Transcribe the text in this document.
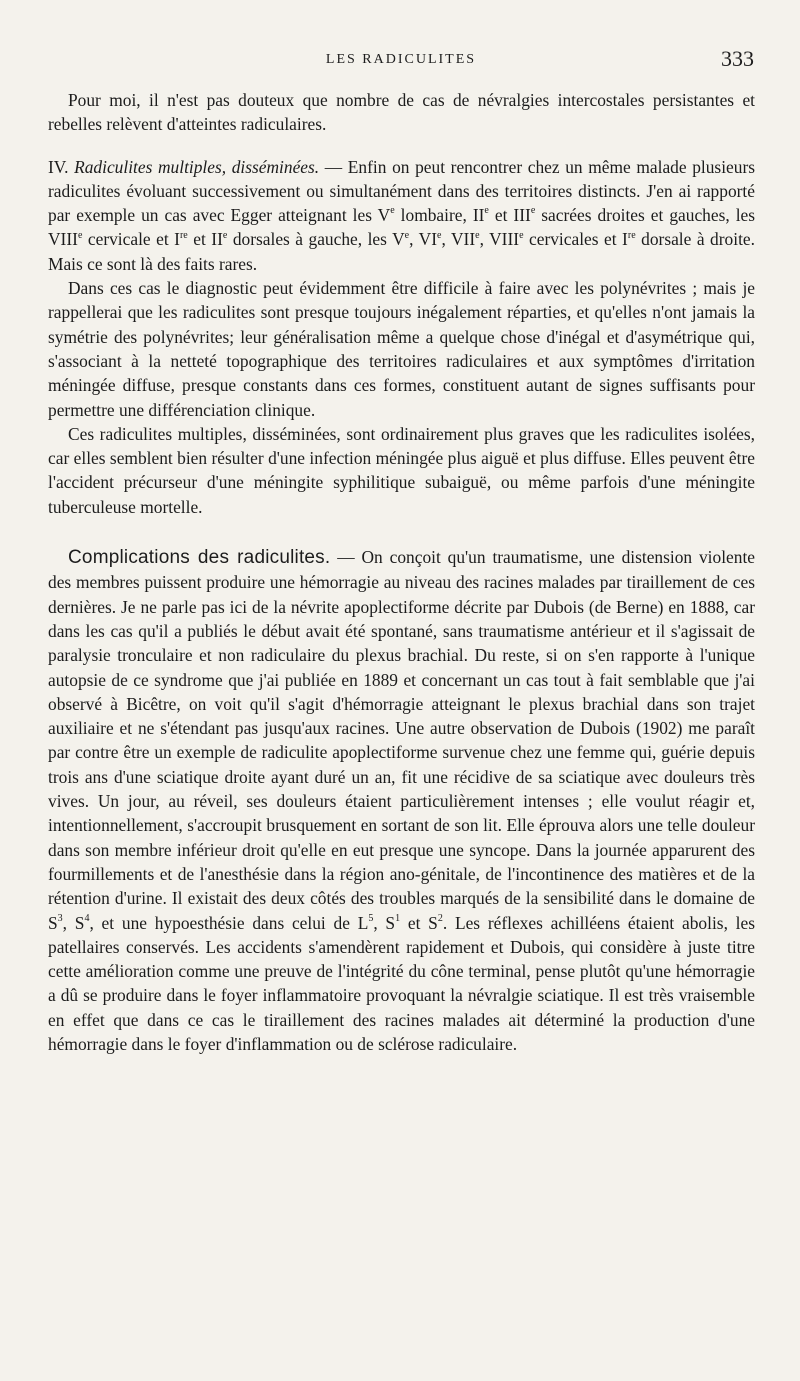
LES RADICULITES	333

Pour moi, il n'est pas douteux que nombre de cas de névralgies intercostales persistantes et rebelles relèvent d'atteintes radiculaires.

IV. Radiculites multiples, disséminées. — Enfin on peut rencontrer chez un même malade plusieurs radiculites évoluant successivement ou simultanément dans des territoires distincts. J'en ai rapporté par exemple un cas avec Egger atteignant les Ve lombaire, IIe et IIIe sacrées droites et gauches, les VIIIe cervicale et Ire et IIe dorsales à gauche, les Ve, VIe, VIIe, VIIIe cervicales et Ire dorsale à droite. Mais ce sont là des faits rares.

Dans ces cas le diagnostic peut évidemment être difficile à faire avec les polynévrites ; mais je rappellerai que les radiculites sont presque toujours inégalement réparties, et qu'elles n'ont jamais la symétrie des polynévrites; leur généralisation même a quelque chose d'inégal et d'asymétrique qui, s'associant à la netteté topographique des territoires radiculaires et aux symptômes d'irritation méningée diffuse, presque constants dans ces formes, constituent autant de signes suffisants pour permettre une différenciation clinique.

Ces radiculites multiples, disséminées, sont ordinairement plus graves que les radiculites isolées, car elles semblent bien résulter d'une infection méningée plus aiguë et plus diffuse. Elles peuvent être l'accident précurseur d'une méningite syphilitique subaiguë, ou même parfois d'une méningite tuberculeuse mortelle.

Complications des radiculites. — On conçoit qu'un traumatisme, une distension violente des membres puissent produire une hémorragie au niveau des racines malades par tiraillement de ces dernières. Je ne parle pas ici de la névrite apoplectiforme décrite par Dubois (de Berne) en 1888, car dans les cas qu'il a publiés le début avait été spontané, sans traumatisme antérieur et il s'agissait de paralysie tronculaire et non radiculaire du plexus brachial. Du reste, si on s'en rapporte à l'unique autopsie de ce syndrome que j'ai publiée en 1889 et concernant un cas tout à fait semblable que j'ai observé à Bicêtre, on voit qu'il s'agit d'hémorragie atteignant le plexus brachial dans son trajet auxiliaire et ne s'étendant pas jusqu'aux racines. Une autre observation de Dubois (1902) me paraît par contre être un exemple de radiculite apoplectiforme survenue chez une femme qui, guérie depuis trois ans d'une sciatique droite ayant duré un an, fit une récidive de sa sciatique avec douleurs très vives. Un jour, au réveil, ses douleurs étaient particulièrement intenses ; elle voulut réagir et, intentionnellement, s'accroupit brusquement en sortant de son lit. Elle éprouva alors une telle douleur dans son membre inférieur droit qu'elle en eut presque une syncope. Dans la journée apparurent des fourmillements et de l'anesthésie dans la région ano-génitale, de l'incontinence des matières et de la rétention d'urine. Il existait des deux côtés des troubles marqués de la sensibilité dans le domaine de $S^3$, $S^4$, et une hypoesthésie dans celui de $L^5$, $S^1$ et $S^2$. Les réflexes achilléens étaient abolis, les patellaires conservés. Les accidents s'amendèrent rapidement et Dubois, qui considère à juste titre cette amélioration comme une preuve de l'intégrité du cône terminal, pense plutôt qu'une hémorragie a dû se produire dans le foyer inflammatoire provoquant la névralgie sciatique. Il est très vraisemble en effet que dans ce cas le tiraillement des racines malades ait déterminé la production d'une hémorragie dans le foyer d'inflammation ou de sclérose radiculaire.
